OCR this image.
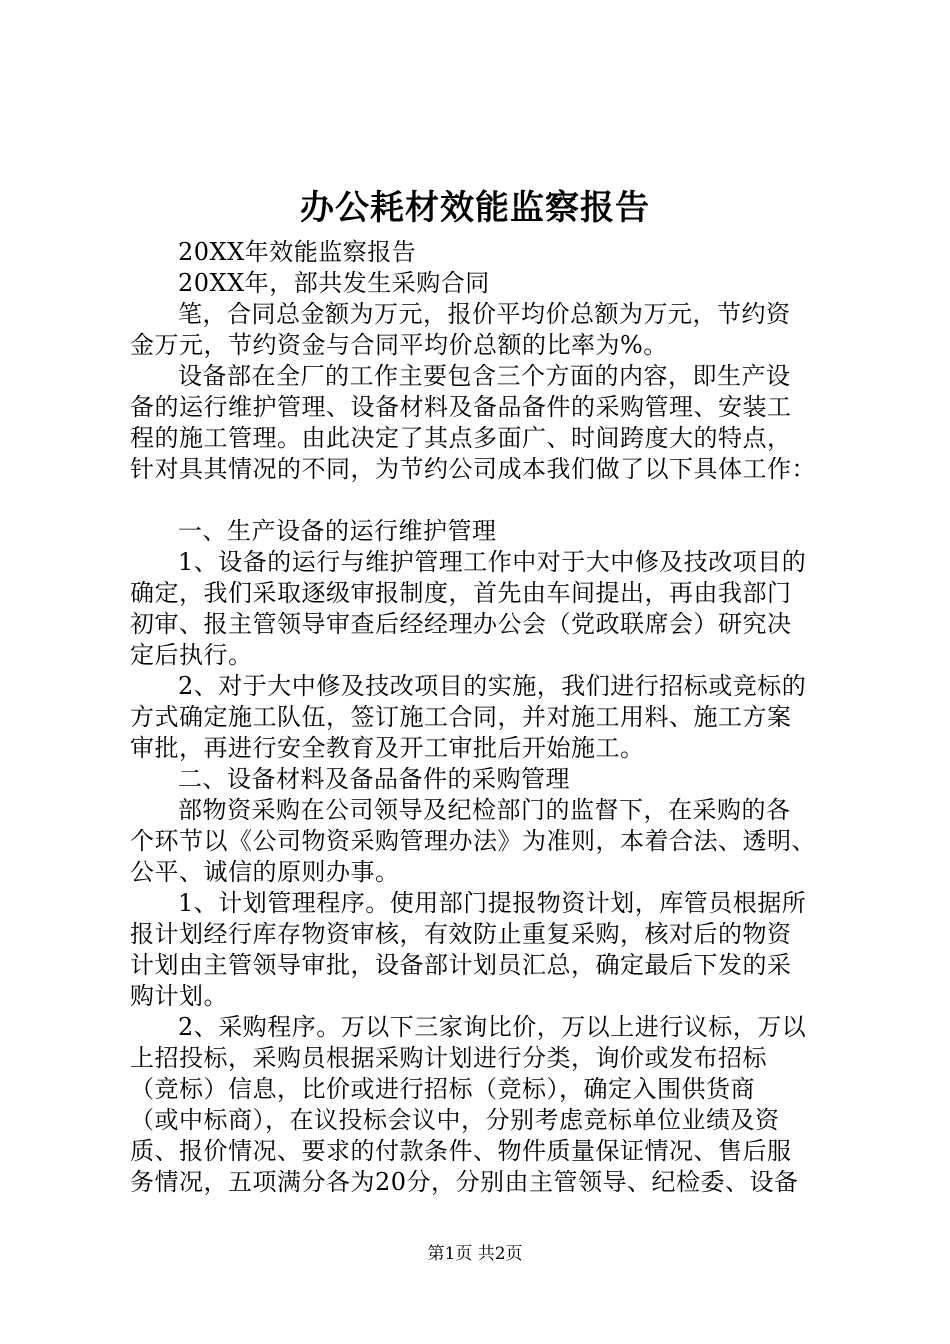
办公耗材效能监察报告

20XX年效能监察报告

20XX年，部共发生采购合同

笔，合同总金额为万元，报价平均价总额为万元，节约资
金万元，节约资金与合同平均价总额的比率为%。

设备部在全厂的工作主要包含三个方面的内容，即生产设
备的运行维护管理、设备材料及备品备件的采购管理、安装工
程的施工管理。由此决定了其点多面广、时间跨度大的特点，
针对具其情况的不同，为节约公司成本我们做了以下具体工作：

一、生产设备的运行维护管理

1、设备的运行与维护管理工作中对于大中修及技改项目的
确定，我们采取逐级审报制度，首先由车间提出，再由我部门
初审、报主管领导审查后经经理办公会（党政联席会）研究决
定后执行。

2、对于大中修及技改项目的实施，我们进行招标或竞标的
方式确定施工队伍，签订施工合同，并对施工用料、施工方案
审批，再进行安全教育及开工审批后开始施工。

二、设备材料及备品备件的采购管理

部物资采购在公司领导及纪检部门的监督下，在采购的各
个环节以《公司物资采购管理办法》为准则，本着合法、透明、
公平、诚信的原则办事。

1、计划管理程序。使用部门提报物资计划，库管员根据所
报计划经行库存物资审核，有效防止重复采购，核对后的物资
计划由主管领导审批，设备部计划员汇总，确定最后下发的采
购计划。

2、采购程序。万以下三家询比价，万以上进行议标，万以
上招投标，采购员根据采购计划进行分类，询价或发布招标
（竞标）信息，比价或进行招标（竞标），确定入围供货商
（或中标商），在议投标会议中，分别考虑竞标单位业绩及资
质、报价情况、要求的付款条件、物件质量保证情况、售后服
务情况，五项满分各为20分，分别由主管领导、纪检委、设备

第1页 共2页
